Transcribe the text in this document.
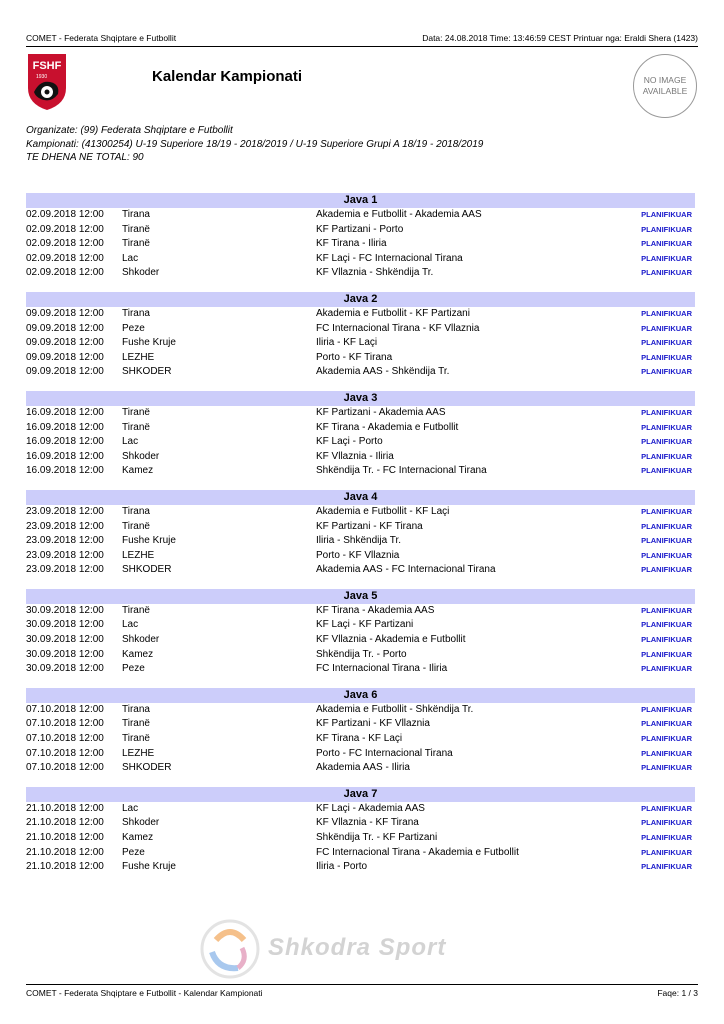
COMET - Federata Shqiptare e Futbollit	Data: 24.08.2018 Time: 13:46:59 CEST Printuar nga: Eraldi Shera (1423)
FSHF
1930	Kalendar Kampionati	NO IMAGE
AVAILABLE
Organizate: (99) Federata Shqiptare e Futbollit
Kampionati: (41300254) U-19 Superiore 18/19 - 2018/2019 / U-19 Superiore Grupi A 18/19 - 2018/2019
TE DHENA NE TOTAL: 90
Java 1
02.09.2018 12:00 Tirana	Akademia e Futbollit - Akademia AAS	PLANIFIKUAR
02.09.2018 12:00 Tiranë	KF Partizani - Porto	PLANIFIKUAR
02.09.2018 12:00 Tiranë	KF Tirana - Iliria	PLANIFIKUAR
02.09.2018 12:00 Lac	KF Laçi - FC Internacional Tirana	PLANIFIKUAR
02.09.2018 12:00 Shkoder	KF Vllaznia - Shkëndija Tr.	PLANIFIKUAR
Java 2
09.09.2018 12:00 Tirana	Akademia e Futbollit - KF Partizani	PLANIFIKUAR
09.09.2018 12:00 Peze	FC Internacional Tirana - KF Vllaznia	PLANIFIKUAR
09.09.2018 12:00 Fushe Kruje	Iliria - KF Laçi	PLANIFIKUAR
09.09.2018 12:00 LEZHE	Porto - KF Tirana	PLANIFIKUAR
09.09.2018 12:00 SHKODER	Akademia AAS - Shkëndija Tr.	PLANIFIKUAR
Java 3
16.09.2018 12:00 Tiranë	KF Partizani - Akademia AAS	PLANIFIKUAR
16.09.2018 12:00 Tiranë	KF Tirana - Akademia e Futbollit	PLANIFIKUAR
16.09.2018 12:00 Lac	KF Laçi - Porto	PLANIFIKUAR
16.09.2018 12:00 Shkoder	KF Vllaznia - Iliria	PLANIFIKUAR
16.09.2018 12:00 Kamez	Shkëndija Tr. - FC Internacional Tirana	PLANIFIKUAR
Java 4
23.09.2018 12:00 Tirana	Akademia e Futbollit - KF Laçi	PLANIFIKUAR
23.09.2018 12:00 Tiranë	KF Partizani - KF Tirana	PLANIFIKUAR
23.09.2018 12:00 Fushe Kruje	Iliria - Shkëndija Tr.	PLANIFIKUAR
23.09.2018 12:00 LEZHE	Porto - KF Vllaznia	PLANIFIKUAR
23.09.2018 12:00 SHKODER	Akademia AAS - FC Internacional Tirana	PLANIFIKUAR
Java 5
30.09.2018 12:00 Tiranë	KF Tirana - Akademia AAS	PLANIFIKUAR
30.09.2018 12:00 Lac	KF Laçi - KF Partizani	PLANIFIKUAR
30.09.2018 12:00 Shkoder	KF Vllaznia - Akademia e Futbollit	PLANIFIKUAR
30.09.2018 12:00 Kamez	Shkëndija Tr. - Porto	PLANIFIKUAR
30.09.2018 12:00 Peze	FC Internacional Tirana - Iliria	PLANIFIKUAR
Java 6
07.10.2018 12:00 Tirana	Akademia e Futbollit - Shkëndija Tr.	PLANIFIKUAR
07.10.2018 12:00 Tiranë	KF Partizani - KF Vllaznia	PLANIFIKUAR
07.10.2018 12:00 Tiranë	KF Tirana - KF Laçi	PLANIFIKUAR
07.10.2018 12:00 LEZHE	Porto - FC Internacional Tirana	PLANIFIKUAR
07.10.2018 12:00 SHKODER	Akademia AAS - Iliria	PLANIFIKUAR
Java 7
21.10.2018 12:00 Lac	KF Laçi - Akademia AAS	PLANIFIKUAR
21.10.2018 12:00 Shkoder	KF Vllaznia - KF Tirana	PLANIFIKUAR
21.10.2018 12:00 Kamez	Shkëndija Tr. - KF Partizani	PLANIFIKUAR
21.10.2018 12:00 Peze	FC Internacional Tirana - Akademia e Futbollit	PLANIFIKUAR
21.10.2018 12:00 Fushe Kruje	Iliria - Porto	PLANIFIKUAR
Shkodra Sport
COMET - Federata Shqiptare e Futbollit - Kalendar Kampionati	Faqe: 1 / 3
